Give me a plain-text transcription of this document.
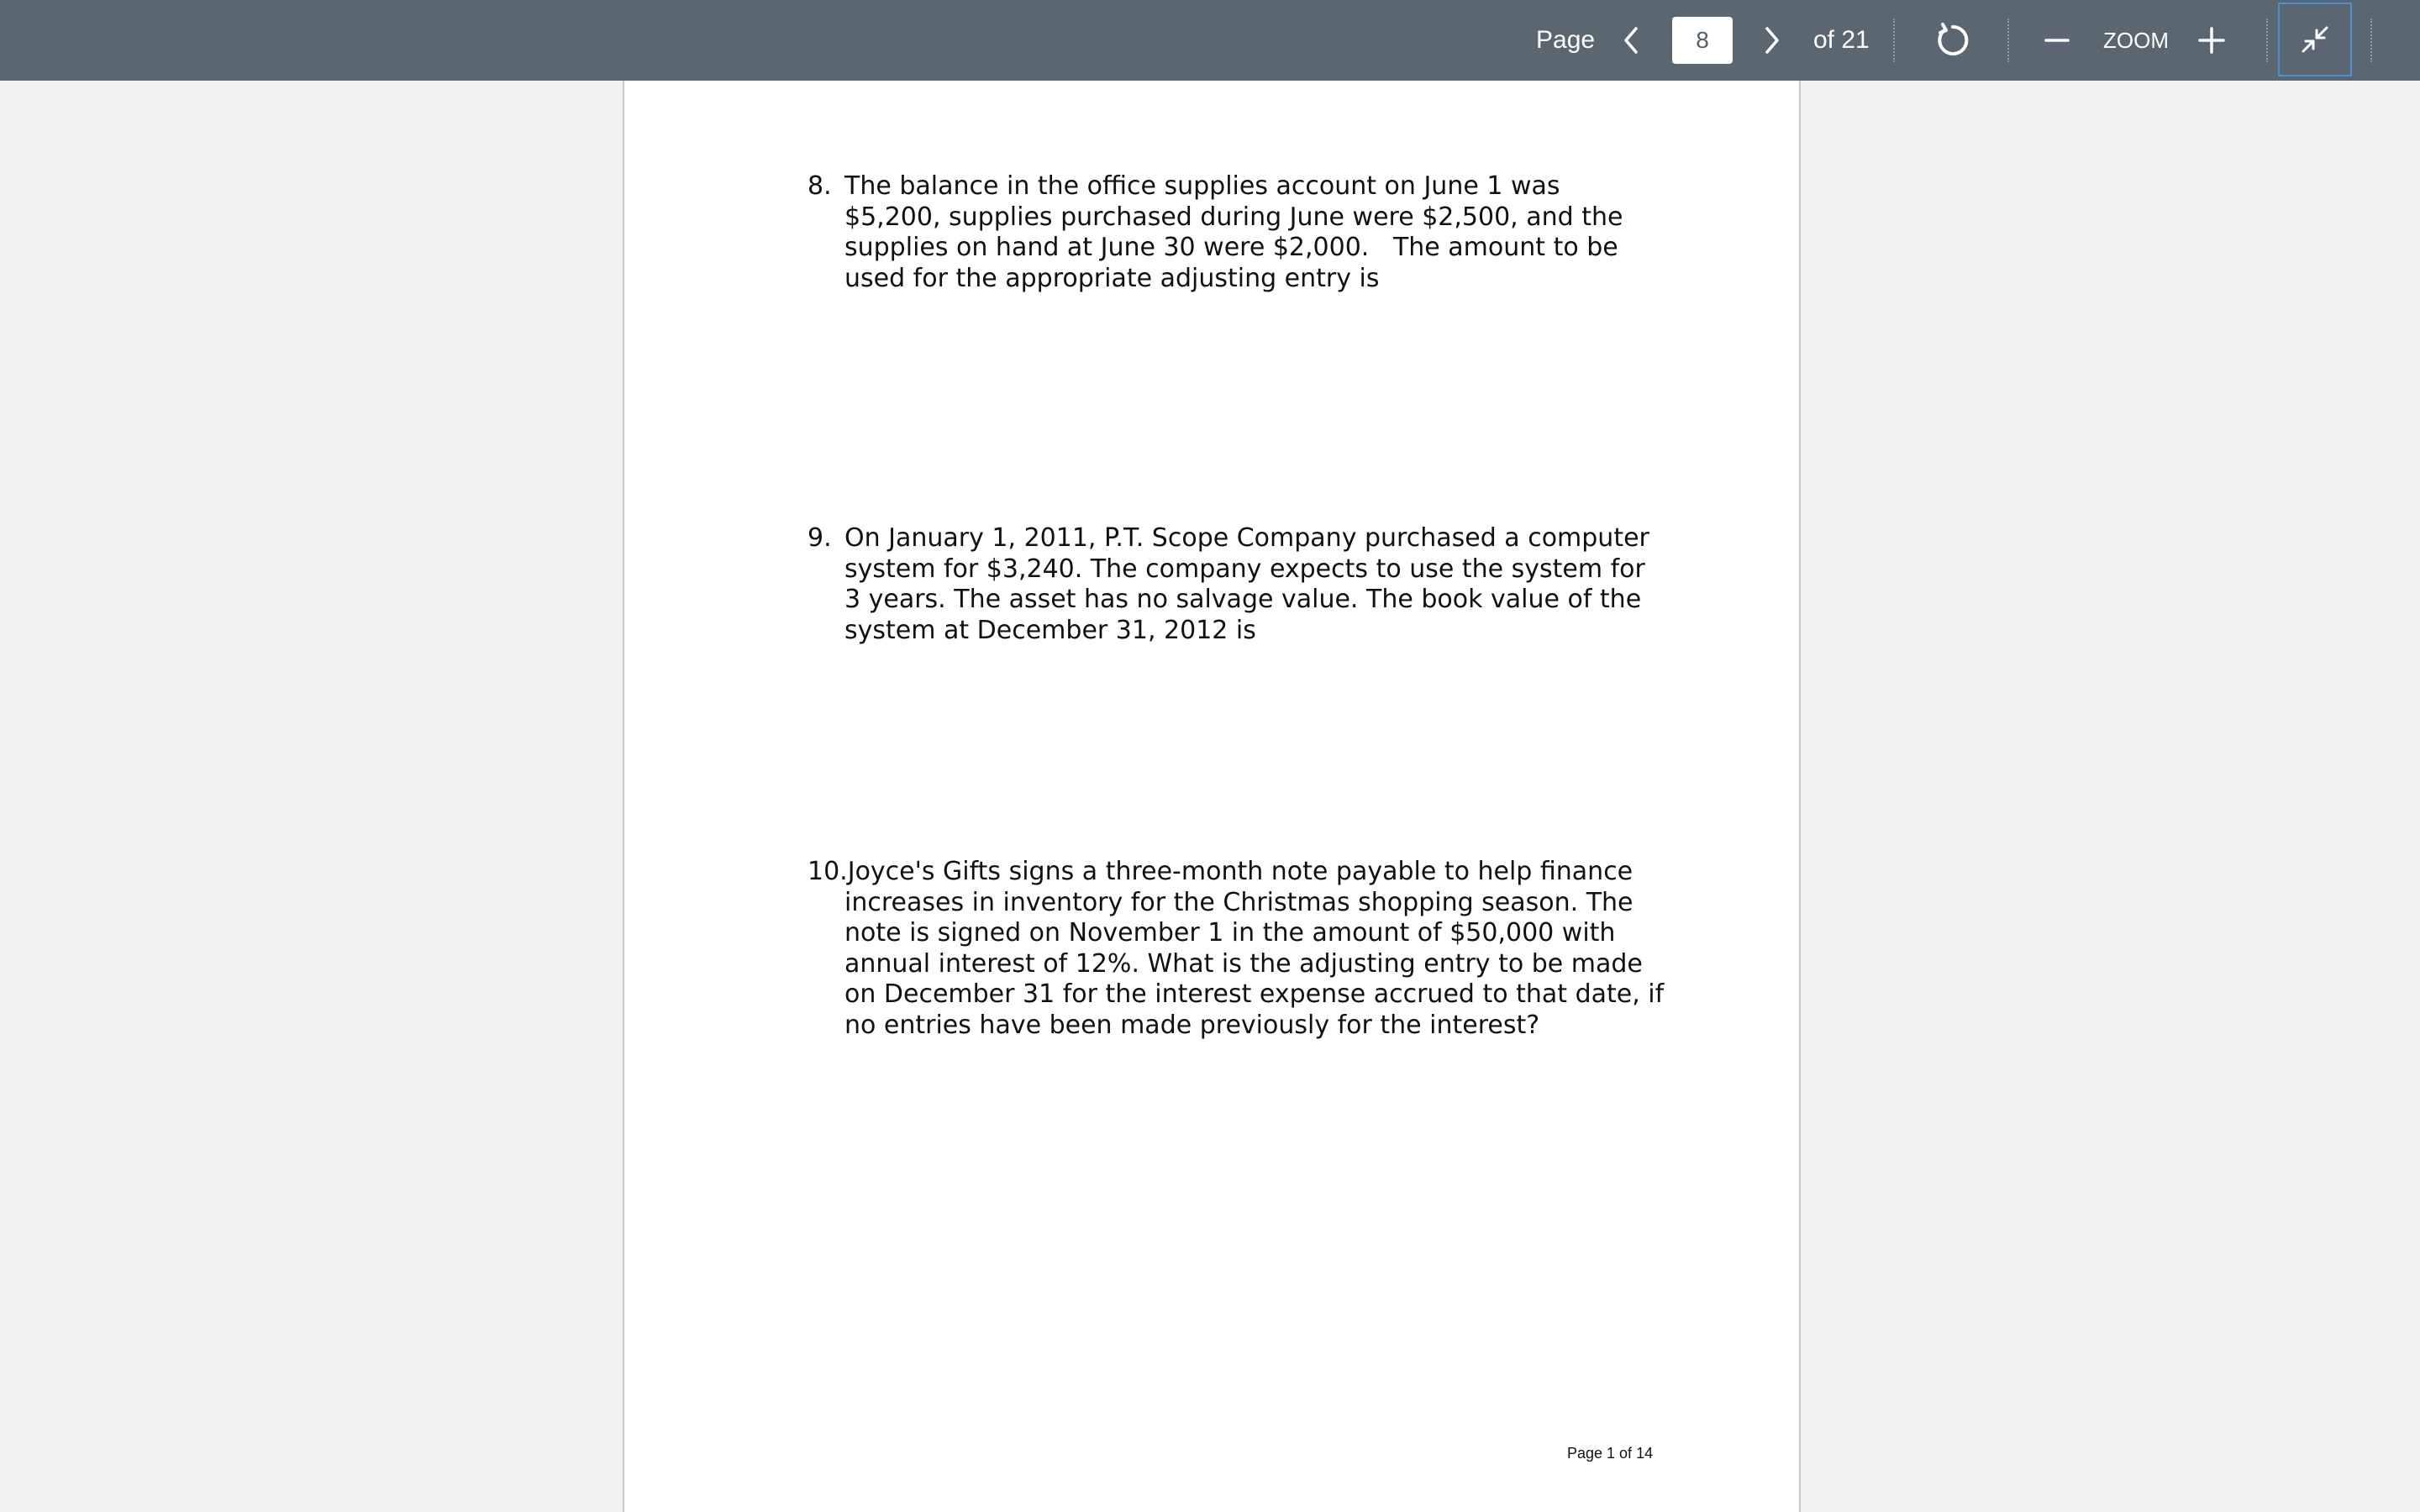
Page	8	of 21	ZOOM
8. The balance in the office supplies account on June 1 was
$5,200, supplies purchased during June were $2,500, and the
supplies on hand at June 30 were $2,000.   The amount to be
used for the appropriate adjusting entry is
9. On January 1, 2011, P.T. Scope Company purchased a computer
system for $3,240. The company expects to use the system for
3 years. The asset has no salvage value. The book value of the
system at December 31, 2012 is
10.Joyce's Gifts signs a three-month note payable to help finance
increases in inventory for the Christmas shopping season. The
note is signed on November 1 in the amount of $50,000 with
annual interest of 12%. What is the adjusting entry to be made
on December 31 for the interest expense accrued to that date, if
no entries have been made previously for the interest?
Page 1 of 14
